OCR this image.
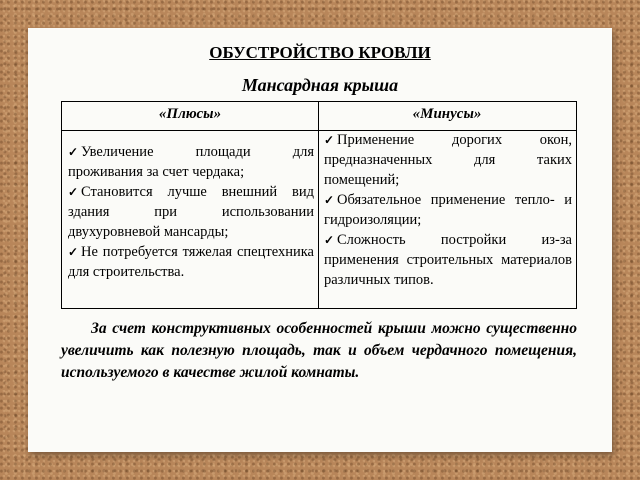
ОБУСТРОЙСТВО КРОВЛИ
Мансардная крыша
«Плюсы»	«Минусы»
✓ Увеличение площади для проживания за счет чердака;
✓ Становится лучше внешний вид здания при использовании двухуровневой мансарды;
✓ Не потребуется тяжелая спецтехника для строительства.
✓ Применение дорогих окон, предназначенных для таких помещений;
✓ Обязательное применение тепло- и гидроизоляции;
✓ Сложность постройки из-за применения строительных материалов различных типов.

За счет конструктивных особенностей крыши можно существенно увеличить как полезную площадь, так и объем чердачного помещения, используемого в качестве жилой комнаты.
